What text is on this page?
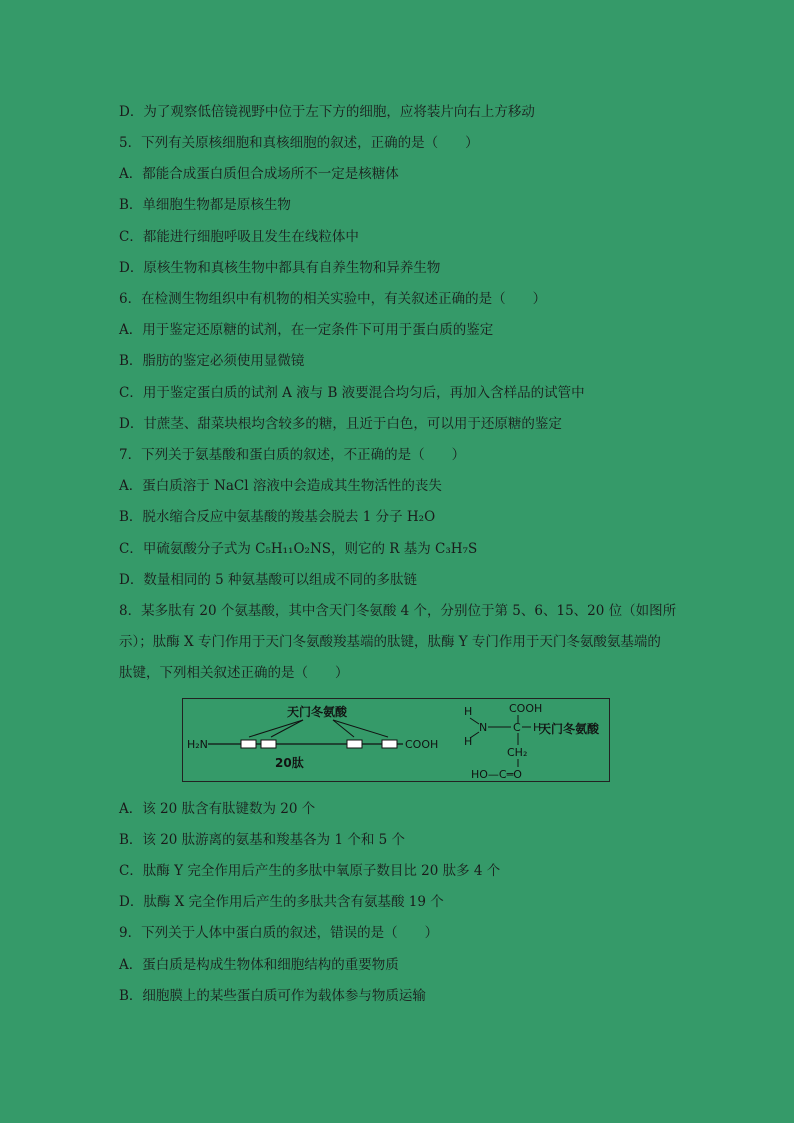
D．为了观察低倍镜视野中位于左下方的细胞，应将装片向右上方移动
5．下列有关原核细胞和真核细胞的叙述，正确的是（　　）
A．都能合成蛋白质但合成场所不一定是核糖体
B．单细胞生物都是原核生物
C．都能进行细胞呼吸且发生在线粒体中
D．原核生物和真核生物中都具有自养生物和异养生物
6．在检测生物组织中有机物的相关实验中，有关叙述正确的是（　　）
A．用于鉴定还原糖的试剂，在一定条件下可用于蛋白质的鉴定
B．脂肪的鉴定必须使用显微镜
C．用于鉴定蛋白质的试剂 A 液与 B 液要混合均匀后，再加入含样品的试管中
D．甘蔗茎、甜菜块根均含较多的糖，且近于白色，可以用于还原糖的鉴定
7．下列关于氨基酸和蛋白质的叙述，不正确的是（　　）
A．蛋白质溶于 NaCl 溶液中会造成其生物活性的丧失
B．脱水缩合反应中氨基酸的羧基会脱去 1 分子 H₂O
C．甲硫氨酸分子式为 C₅H₁₁O₂NS，则它的 R 基为 C₃H₇S
D．数量相同的 5 种氨基酸可以组成不同的多肽链
8．某多肽有 20 个氨基酸，其中含天门冬氨酸 4 个，分别位于第 5、6、15、20 位（如图所
示）；肽酶 X 专门作用于天门冬氨酸羧基端的肽键，肽酶 Y 专门作用于天门冬氨酸氨基端的
肽键，下列相关叙述正确的是（　　）
天门冬氨酸
H₂N	COOH
20肽
COOH
H
N C H
H
CH₂
HO—C═O
天门冬氨酸
A．该 20 肽含有肽键数为 20 个
B．该 20 肽游离的氨基和羧基各为 1 个和 5 个
C．肽酶 Y 完全作用后产生的多肽中氧原子数目比 20 肽多 4 个
D．肽酶 X 完全作用后产生的多肽共含有氨基酸 19 个
9．下列关于人体中蛋白质的叙述，错误的是（　　）
A．蛋白质是构成生物体和细胞结构的重要物质
B．细胞膜上的某些蛋白质可作为载体参与物质运输
